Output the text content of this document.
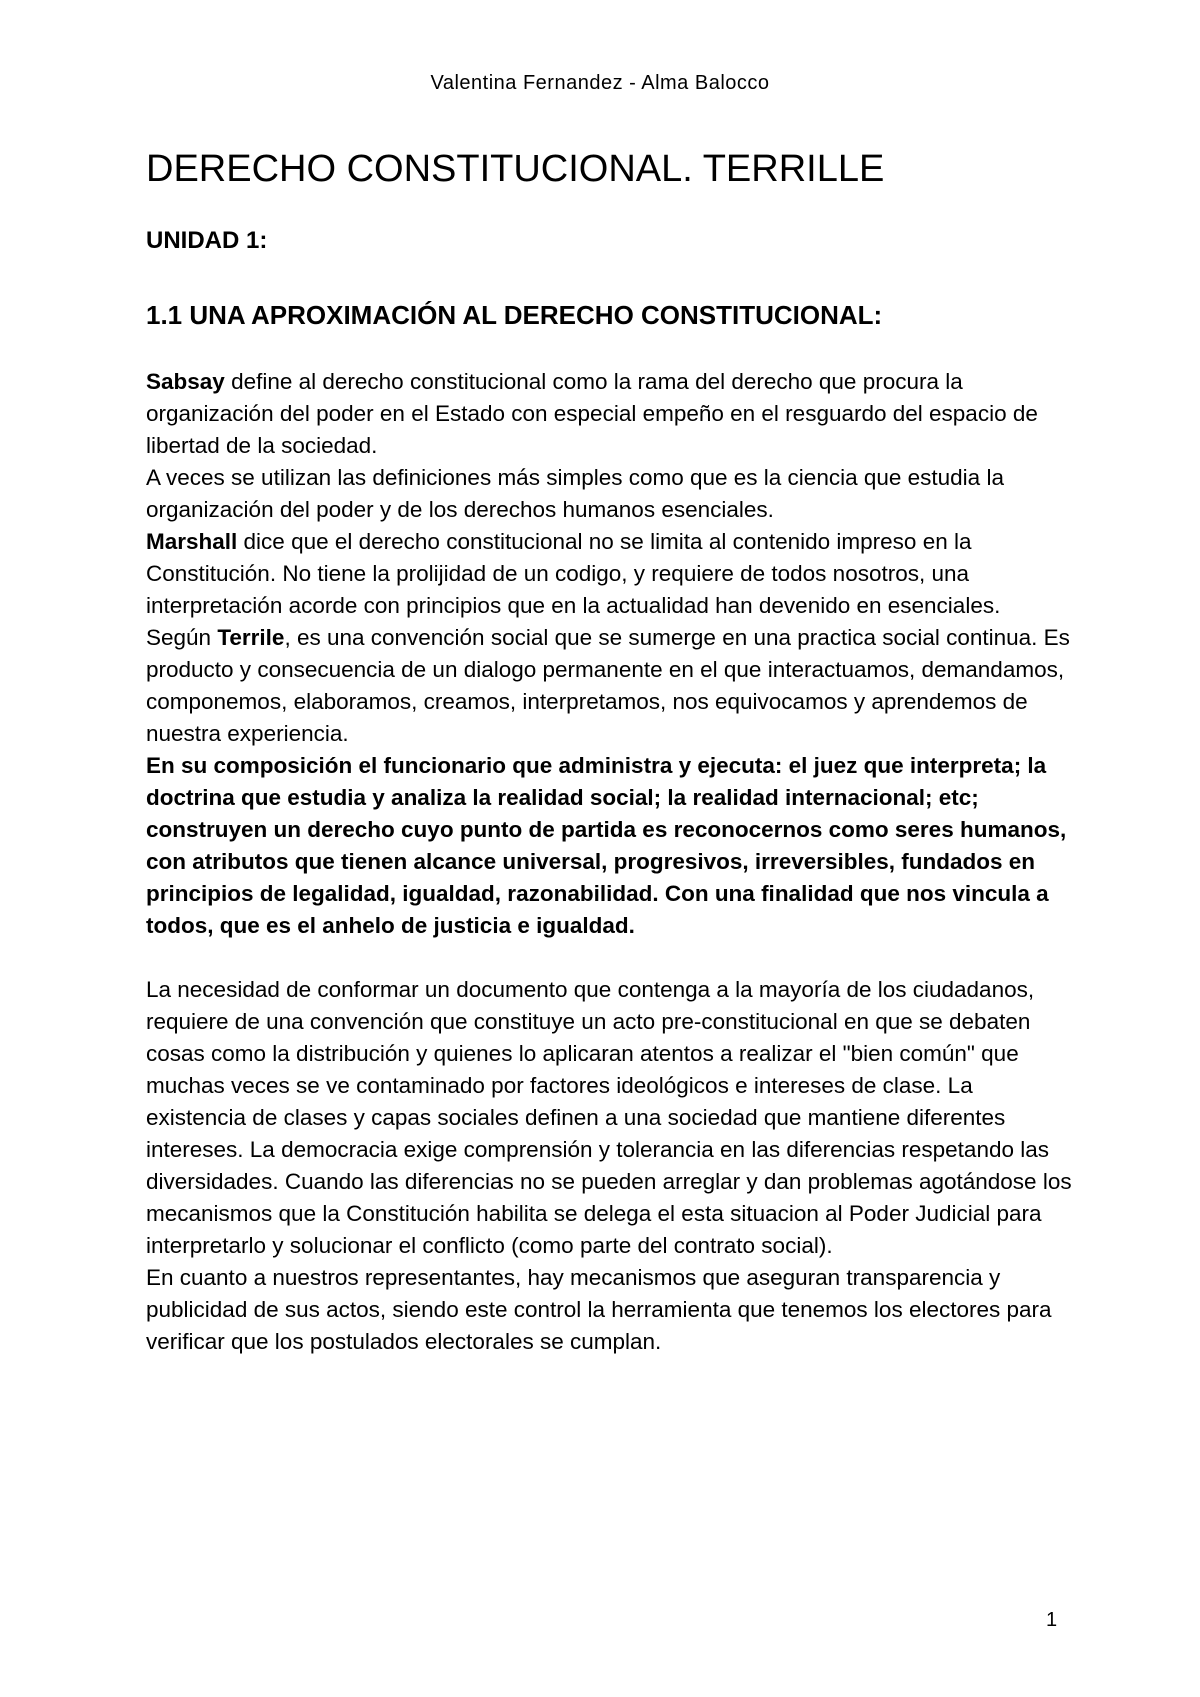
Valentina Fernandez - Alma Balocco
DERECHO CONSTITUCIONAL. TERRILLE
UNIDAD 1:
1.1 UNA APROXIMACIÓN AL DERECHO CONSTITUCIONAL:

Sabsay define al derecho constitucional como la rama del derecho que procura la organización del poder en el Estado con especial empeño en el resguardo del espacio de libertad de la sociedad.

A veces se utilizan las definiciones más simples como que es la ciencia que estudia la organización del poder y de los derechos humanos esenciales.

Marshall dice que el derecho constitucional no se limita al contenido impreso en la Constitución. No tiene la prolijidad de un codigo, y requiere de todos nosotros, una interpretación acorde con principios que en la actualidad han devenido en esenciales.

Según Terrile, es una convención social que se sumerge en una practica social continua. Es producto y consecuencia de un dialogo permanente en el que interactuamos, demandamos, componemos, elaboramos, creamos, interpretamos, nos equivocamos y aprendemos de nuestra experiencia.

En su composición el funcionario que administra y ejecuta: el juez que interpreta; la doctrina que estudia y analiza la realidad social; la realidad internacional; etc; construyen un derecho cuyo punto de partida es reconocernos como seres humanos, con atributos que tienen alcance universal, progresivos, irreversibles, fundados en principios de legalidad, igualdad, razonabilidad. Con una finalidad que nos vincula a todos, que es el anhelo de justicia e igualdad.

La necesidad de conformar un documento que contenga a la mayoría de los ciudadanos, requiere de una convención que constituye un acto pre-constitucional en que se debaten cosas como la distribución y quienes lo aplicaran atentos a realizar el "bien común" que muchas veces se ve contaminado por factores ideológicos e intereses de clase. La existencia de clases y capas sociales definen a una sociedad que mantiene diferentes intereses. La democracia exige comprensión y tolerancia en las diferencias respetando las diversidades. Cuando las diferencias no se pueden arreglar y dan problemas agotándose los mecanismos que la Constitución habilita se delega el esta situacion al Poder Judicial para interpretarlo y solucionar el conflicto (como parte del contrato social).

En cuanto a nuestros representantes, hay mecanismos que aseguran transparencia y publicidad de sus actos, siendo este control la herramienta que tenemos los electores para verificar que los postulados electorales se cumplan.

1
